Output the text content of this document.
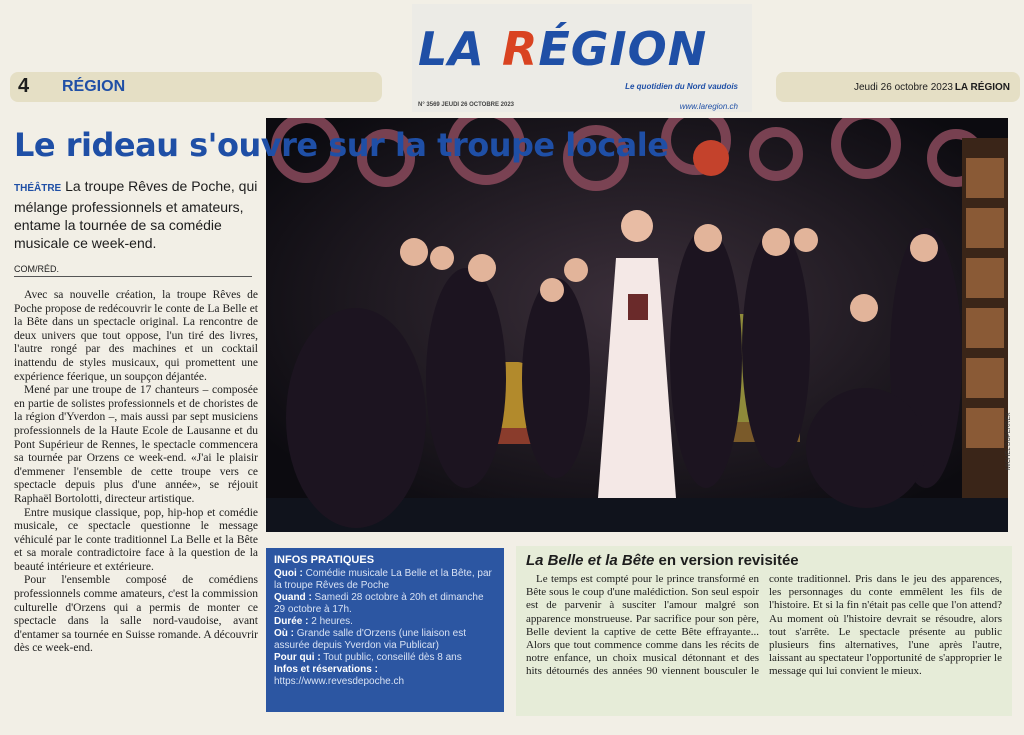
LA RÉGION
Le quotidien du Nord vaudois
N° 3569 JEUDI 26 OCTOBRE 2023	www.laregion.ch
4 RÉGION	Jeudi 26 octobre 2023 LA RÉGION
Le rideau s'ouvre sur la troupe locale
THÉÂTRE La troupe Rêves de Poche, qui mélange professionnels et amateurs, entame la tournée de sa comédie musicale ce week-end.
COM/RÉD.

Avec sa nouvelle création, la troupe Rêves de Poche propose de redécouvrir le conte de La Belle et la Bête dans un spectacle original. La rencontre de deux univers que tout oppose, l'un tiré des livres, l'autre rongé par des machines et un cocktail inattendu de styles musicaux, qui promettent une expérience féerique, un soupçon déjantée.

Mené par une troupe de 17 chanteurs – composée en partie de solistes professionnels et de choristes de la région d'Yverdon –, mais aussi par sept musiciens professionnels de la Haute Ecole de Lausanne et du Pont Supérieur de Rennes, le spectacle commencera sa tournée par Orzens ce week-end. «J'ai le plaisir d'emmener l'ensemble de cette troupe vers ce spectacle depuis plus d'une année», se réjouit Raphaël Bortolotti, directeur artistique.

Entre musique classique, pop, hip-hop et comédie musicale, ce spectacle questionne le message véhiculé par le conte traditionnel La Belle et la Bête et sa morale contradictoire face à la question de la beauté intérieure et extérieure.

Pour l'ensemble composé de comédiens professionnels comme amateurs, c'est la commission culturelle d'Orzens qui a permis de monter ce spectacle dans la salle nord-vaudoise, avant d'entamer sa tournée en Suisse romande. A découvrir dès ce week-end.

MICHEL DUPERREX
INFOS PRATIQUES
Quoi : Comédie musicale La Belle et la Bête, par la troupe Rêves de Poche
Quand : Samedi 28 octobre à 20h et dimanche 29 octobre à 17h.
Durée : 2 heures.
Où : Grande salle d'Orzens (une liaison est assurée depuis Yverdon via Publicar)
Pour qui : Tout public, conseillé dès 8 ans
Infos et réservations :
https://www.revesdepoche.ch
La Belle et la Bête en version revisitée

Le temps est compté pour le prince transformé en Bête sous le coup d'une malédiction. Son seul espoir est de parvenir à susciter l'amour malgré son apparence monstrueuse. Par sacrifice pour son père, Belle devient la captive de cette Bête effrayante... Alors que tout commence comme dans les récits de notre enfance, un choix musical détonnant et des hits détournés des années 90 viennent bousculer le conte traditionnel. Pris dans le jeu des apparences, les personnages du conte emmêlent les fils de l'histoire. Et si la fin n'était pas celle que l'on attend? Au moment où l'histoire devrait se résoudre, alors tout s'arrête. Le spectacle présente au public plusieurs fins alternatives, l'une après l'autre, laissant au spectateur l'opportunité de s'approprier le message qui lui convient le mieux.
